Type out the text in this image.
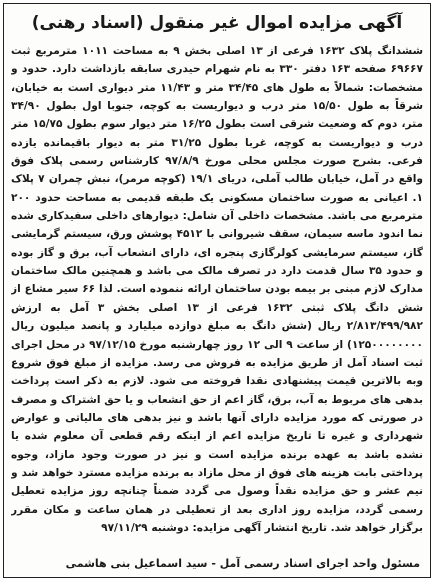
آگهی مزایده اموال غیر منقول (اسناد رهنی)

ششدانگ پلاک ۱۶۳۲ فرعی از ۱۳ اصلی بخش ۹ به مساحت ۱۰۱۱ مترمربع ثبت ۶۹۶۶۷ صفحه ۱۶۳ دفتر ۳۳۰ به نام شهرام حیدری سابقه بازداشت دارد. حدود و مشخصات: شمالاً به طول های ۳۴/۴۵ متر و ۱۱/۴۳ متر دیواری است به خیابان، شرقاً به طول ۱۵/۵۰ متر درب و دیواریست به کوچه، جنوبا اول بطول ۳۴/۹۰ متر، دوم که وضعیت شرقی است بطول ۱۶/۲۵ متر دیوار سوم بطول ۱۵/۷۵ متر درب و دیواریست به کوچه، غربا بطول ۳۱/۲۵ متر به دیوار باقیمانده یازده فرعی. بشرح صورت مجلس محلی مورخ ۹۷/۸/۹ کارشناس رسمی پلاک فوق واقع در آمل، خیابان طالب آملی، دریای ۱۹/۱ (کوچه مرمر)، نبش چمران ۷ پلاک ۱. اعیانی به صورت ساختمان مسکونی یک طبقه قدیمی به مساحت حدود ۲۰۰ مترمربع می باشد. مشخصات داخلی آن شامل: دیوارهای داخلی سفیدکاری شده نما اندود ماسه سیمان، سقف شیروانی با ۴۵۱۲ پوشش ورق، سیستم گرمایشی گاز، سیستم سرمایشی کولرگازی پنجره ای، دارای انشعاب آب، برق و گاز بوده و حدود ۳۵ سال قدمت دارد در تصرف مالک می باشد و همچنین مالک ساختمان مدارک لازم مبنی بر بیمه بودن ساختمان ارائه ننموده است. لذا ۶۶ سیر مشاع از شش دانگ پلاک ثبتی ۱۶۳۲ فرعی از ۱۳ اصلی بخش ۳ آمل به ارزش ۲/۸۱۳/۴۹۹/۹۸۲ ریال (شش دانگ به مبلغ دوازده میلیارد و پانصد میلیون ریال ۱۲۵۰۰۰۰۰۰۰۰) از ساعت ۹ الی ۱۲ روز چهارشنبه مورخ ۹۷/۱۲/۱۵ در محل اجرای ثبت اسناد آمل از طریق مزایده به فروش می رسد. مزایده از مبلغ فوق شروع وبه بالاترین قیمت پیشنهادی نقدا فروخته می شود. لازم به ذکر است پرداخت بدهی های مربوط به آب، برق، گاز اعم از حق انشعاب و یا حق اشتراک و مصرف در صورتی که مورد مزایده دارای آنها باشد و نیز بدهی های مالیاتی و عوارض شهرداری و غیره تا تاریخ مزایده اعم از اینکه رقم قطعی آن معلوم شده یا نشده باشد به عهده برنده مزایده است و نیز در صورت وجود مازاد، وجوه پرداختی بابت هزینه های فوق از محل مازاد به برنده مزایده مسترد خواهد شد و نیم عشر و حق مزایده نقداً وصول می گردد ضمناً چنانچه روز مزایده تعطیل رسمی گردد، مزایده روز اداری بعد از تعطیلی در همان ساعت و مکان مقرر برگزار خواهد شد. تاریخ انتشار آگهی مزایده: دوشنبه ۹۷/۱۱/۲۹

مسئول واحد اجرای اسناد رسمی آمل - سید اسماعیل بنی هاشمی
